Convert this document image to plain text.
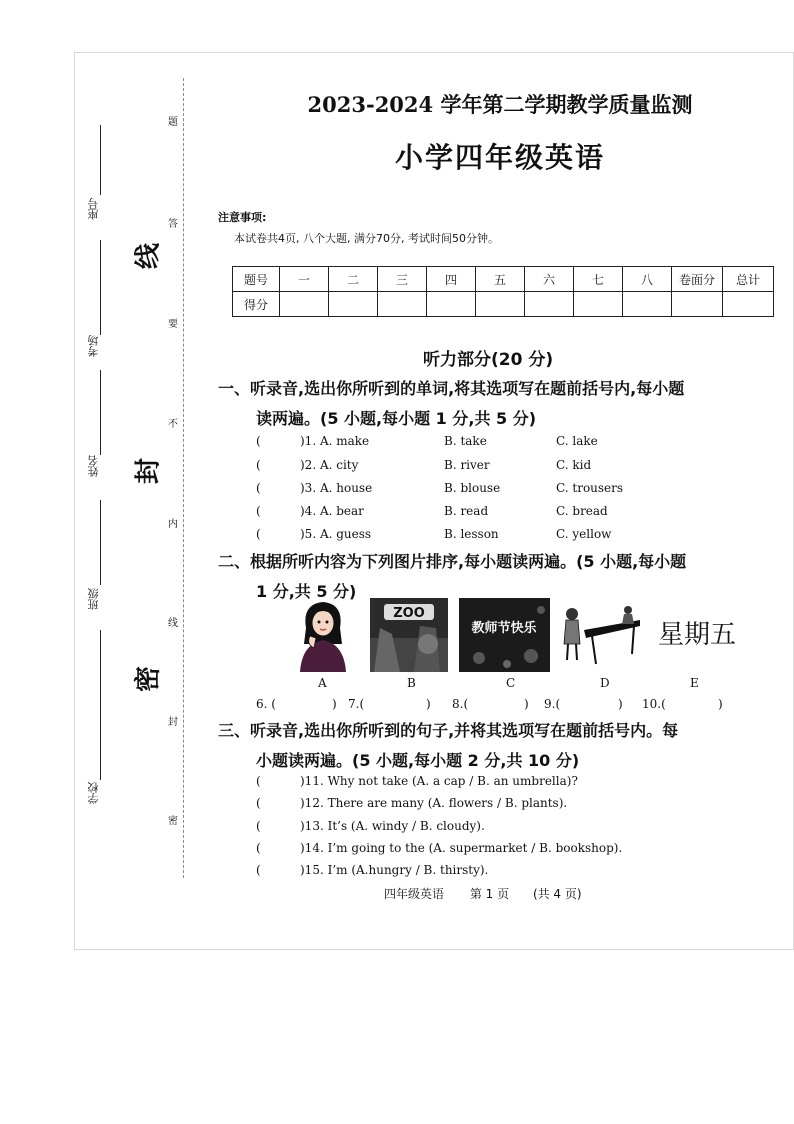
座号
考场
姓名
班级
学校
线
封
密
题
答
要
不
内
线
封
密
2023-2024 学年第二学期教学质量监测
小学四年级英语
注意事项:
本试卷共4页, 八个大题, 满分70分, 考试时间50分钟。
题号	一	二	三	四	五	六	七	八	卷面分	总计
得分										
听力部分(20 分)
一、听录音,选出你所听到的单词,将其选项写在题前括号内,每小题
读两遍。(5 小题,每小题 1 分,共 5 分)
(	)1. A. make	B. take	C. lake
(	)2. A. city	B. river	C. kid
(	)3. A. house	B. blouse	C. trousers
(	)4. A. bear	B. read	C. bread
(	)5. A. guess	B. lesson	C. yellow
二、根据所听内容为下列图片排序,每小题读两遍。(5 小题,每小题
1 分,共 5 分)
ZOO
教师节快乐	星期五
A	B	C	D	E
6. (	) 7.(	) 8.(	) 9.(	) 10.(	)
三、听录音,选出你所听到的句子,并将其选项写在题前括号内。每
小题读两遍。(5 小题,每小题 2 分,共 10 分)
(	)11. Why not take (A. a cap / B. an umbrella)?
(	)12. There are many (A. flowers / B. plants).
(	)13. It’s (A. windy / B. cloudy).
(	)14. I’m going to the (A. supermarket / B. bookshop).
(	)15. I’m (A.hungry / B. thirsty).
四年级英语 第 1 页 (共 4 页)
